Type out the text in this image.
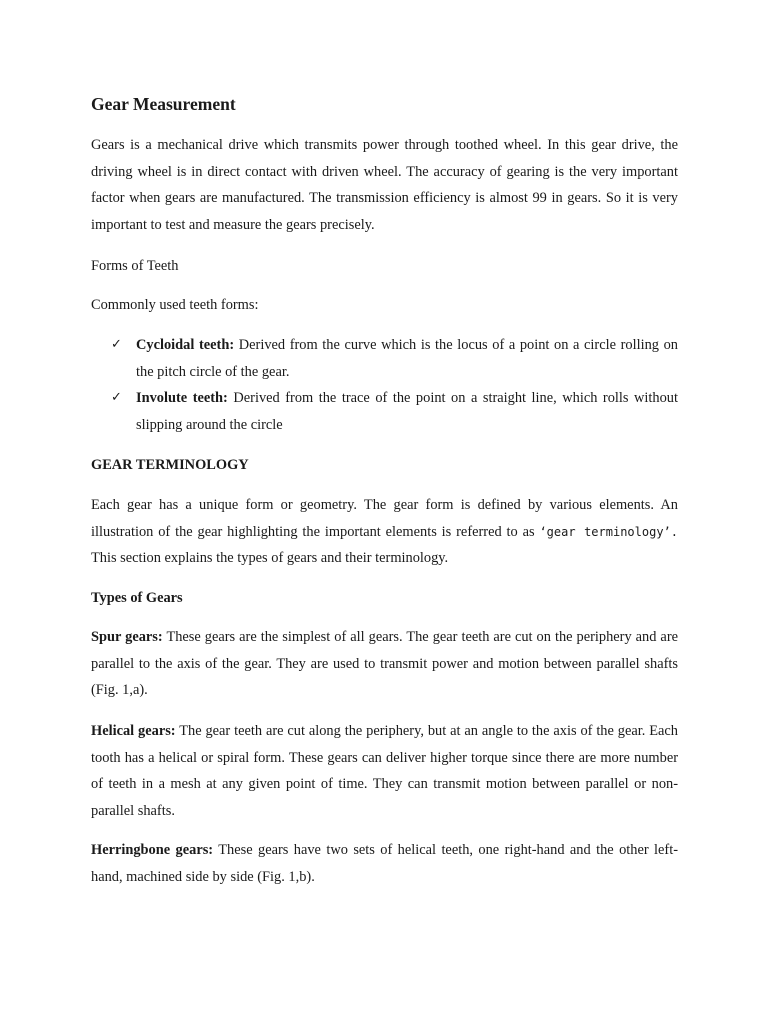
Gear Measurement

Gears is a mechanical drive which transmits power through toothed wheel. In this gear drive, the driving wheel is in direct contact with driven wheel. The accuracy of gearing is the very important factor when gears are manufactured. The transmission efficiency is almost 99 in gears. So it is very important to test and measure the gears precisely.

Forms of Teeth

Commonly used teeth forms:

✓ Cycloidal teeth: Derived from the curve which is the locus of a point on a circle rolling on the pitch circle of the gear.
✓ Involute teeth: Derived from the trace of the point on a straight line, which rolls without slipping around the circle

GEAR TERMINOLOGY

Each gear has a unique form or geometry. The gear form is defined by various elements. An illustration of the gear highlighting the important elements is referred to as ‘gear terminology’. This section explains the types of gears and their terminology.

Types of Gears

Spur gears: These gears are the simplest of all gears. The gear teeth are cut on the periphery and are parallel to the axis of the gear. They are used to transmit power and motion between parallel shafts (Fig. 1,a).

Helical gears: The gear teeth are cut along the periphery, but at an angle to the axis of the gear. Each tooth has a helical or spiral form. These gears can deliver higher torque since there are more number of teeth in a mesh at any given point of time. They can transmit motion between parallel or non-parallel shafts.

Herringbone gears: These gears have two sets of helical teeth, one right-hand and the other left-hand, machined side by side (Fig. 1,b).
